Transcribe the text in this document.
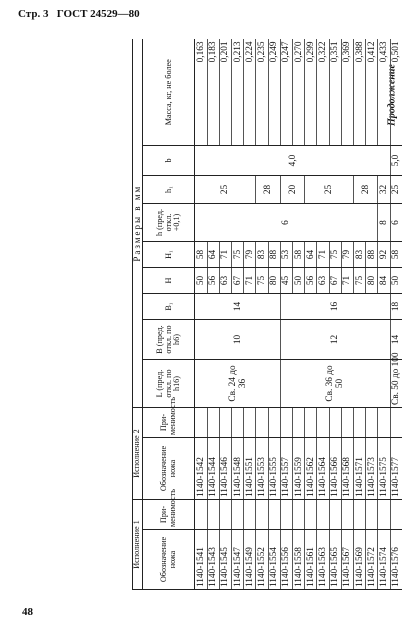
Стр. 3 ГОСТ 24529—80
Продолжение
48
Исполнение 1		Исполнение 2		Размеры в мм								
Обозначение ножа	При-менимость	Обозначение ножа	При-менимость	L (пред. откл. по h16)	B (пред. откл. по h6)	B₁	H	H₁	h (пред. откл. +0,1)	h₁	b	Масса, кг, не более
1140-1541		1140-1542		Св. 24 до 36	10	14	50	58	6	25	4,0	0,163
1140-1543		1140-1544					56	64				0,183
1140-1545		1140-1546					63	71				0,201
1140-1547		1140-1548					67	75				0,213
1140-1549		1140-1551					71	79				0,224
1140-1552		1140-1553					75	83		28		0,235
1140-1554		1140-1555					80	88				0,249
1140-1556		1140-1557		Св. 36 до 50	12	16	45	53		20		0,247
1140-1558		1140-1559					50	58				0,270
1140-1561		1140-1562					56	64		25		0,299
1140-1563		1140-1564					63	71				0,322
1140-1565		1140-1566					67	75				0,351
1140-1567		1140-1568					71	79				0,369
1140-1569		1140-1571					75	83		28		0,388
1140-1572		1140-1573					80	88				0,412
1140-1574		1140-1575					84	92	8	32		0,433
1140-1576		1140-1577		Св. 50 до 100	14	18	50	58	6	25	5,0	0,501
